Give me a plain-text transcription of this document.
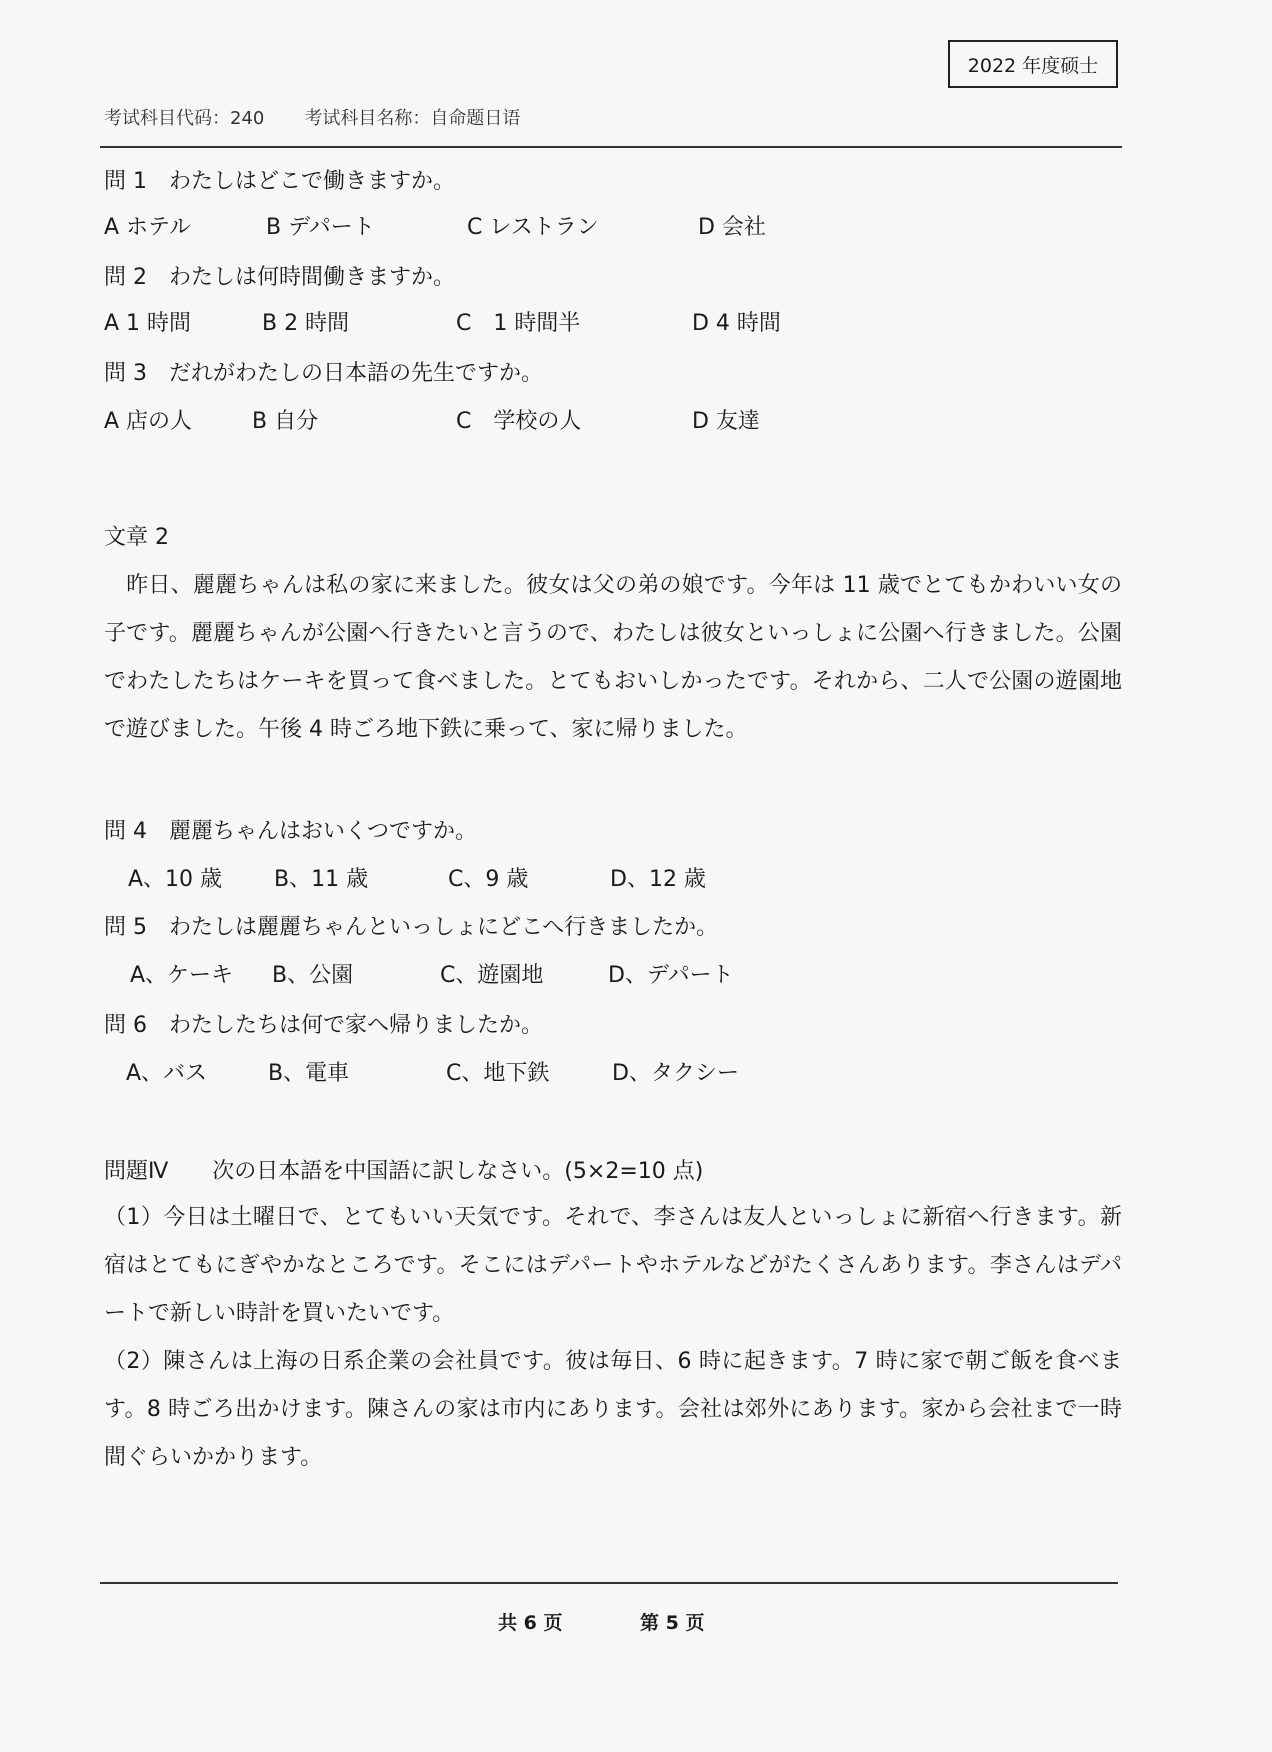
2022 年度硕士
考试科目代码：240 考试科目名称：自命题日语
問 1　わたしはどこで働きますか。
A ホテル	B デパート	C レストラン	D 会社
問 2　わたしは何時間働きますか。
A 1 時間	B 2 時間	C　1 時間半	D 4 時間
問 3　だれがわたしの日本語の先生ですか。
A 店の人	B 自分	C　学校の人	D 友達
文章 2
　昨日、麗麗ちゃんは私の家に来ました。彼女は父の弟の娘です。今年は 11 歳でとてもかわいい女の子です。麗麗ちゃんが公園へ行きたいと言うので、わたしは彼女といっしょに公園へ行きました。公園でわたしたちはケーキを買って食べました。とてもおいしかったです。それから、二人で公園の遊園地で遊びました。午後 4 時ごろ地下鉄に乗って、家に帰りました。
問 4　麗麗ちゃんはおいくつですか。
A、10 歳 B、11 歳	C、9 歳	D、12 歳
問 5　わたしは麗麗ちゃんといっしょにどこへ行きましたか。
A、ケーキ B、公園	C、遊園地	D、デパート
問 6　わたしたちは何で家へ帰りましたか。
A、バス	B、電車	C、地下鉄	D、タクシー
問題Ⅳ　　次の日本語を中国語に訳しなさい。(5×2=10 点)
（1）今日は土曜日で、とてもいい天気です。それで、李さんは友人といっしょに新宿へ行きます。新宿はとてもにぎやかなところです。そこにはデパートやホテルなどがたくさんあります。李さんはデパートで新しい時計を買いたいです。
（2）陳さんは上海の日系企業の会社員です。彼は毎日、6 時に起きます。7 時に家で朝ご飯を食べます。8 時ごろ出かけます。陳さんの家は市内にあります。会社は郊外にあります。家から会社まで一時間ぐらいかかります。
共 6 页	第 5 页
